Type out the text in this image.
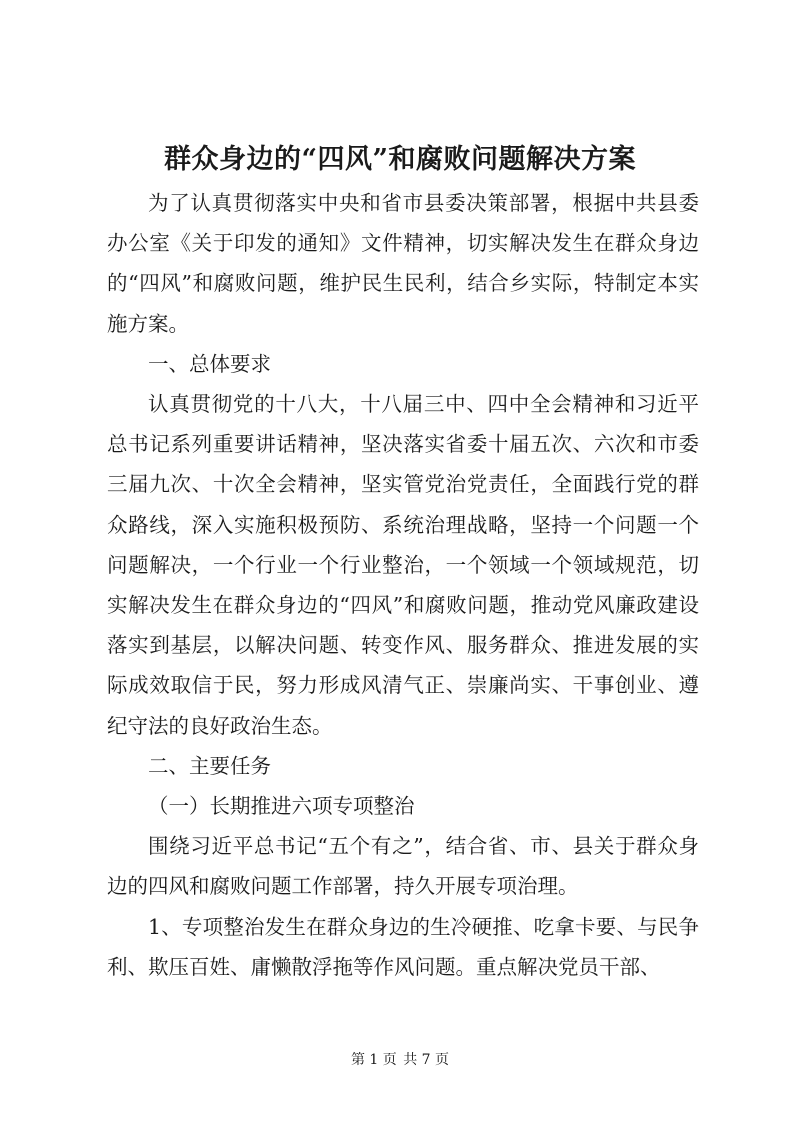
群众身边的“四风”和腐败问题解决方案

为了认真贯彻落实中央和省市县委决策部署，根据中共县委办公室《关于印发的通知》文件精神，切实解决发生在群众身边的“四风”和腐败问题，维护民生民利，结合乡实际，特制定本实施方案。

一、总体要求

认真贯彻党的十八大，十八届三中、四中全会精神和习近平总书记系列重要讲话精神，坚决落实省委十届五次、六次和市委三届九次、十次全会精神，坚实管党治党责任，全面践行党的群众路线，深入实施积极预防、系统治理战略，坚持一个问题一个问题解决，一个行业一个行业整治，一个领域一个领域规范，切实解决发生在群众身边的“四风”和腐败问题，推动党风廉政建设落实到基层，以解决问题、转变作风、服务群众、推进发展的实际成效取信于民，努力形成风清气正、崇廉尚实、干事创业、遵纪守法的良好政治生态。

二、主要任务

（一）长期推进六项专项整治

围绕习近平总书记“五个有之”，结合省、市、县关于群众身边的四风和腐败问题工作部署，持久开展专项治理。

1、专项整治发生在群众身边的生冷硬推、吃拿卡要、与民争利、欺压百姓、庸懒散浮拖等作风问题。重点解决党员干部、

第 1 页 共 7 页
